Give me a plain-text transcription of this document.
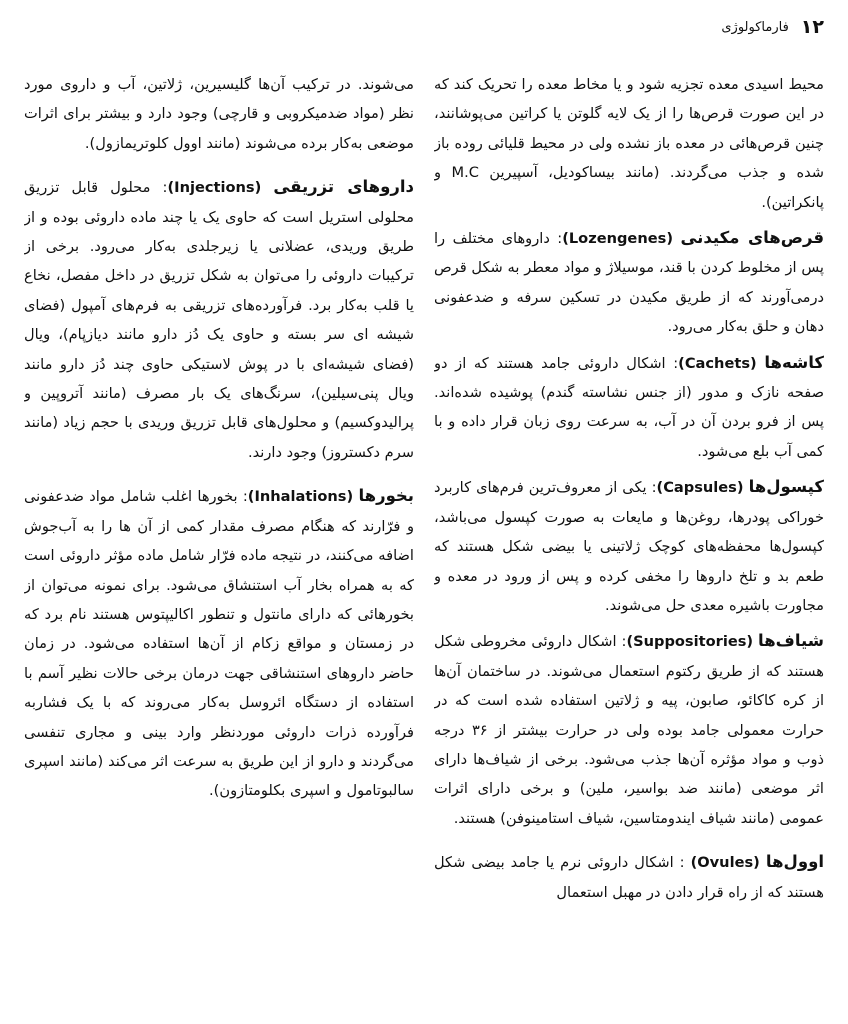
۱۲
فارماکولوژی

محیط اسیدی معده تجزیه شود و یا مخاط معده را تحریک کند که در این صورت قرص‌ها را از یک لایه گلوتن یا کراتین می‌پوشانند، چنین قرص‌هائی در معده باز نشده ولی در محیط قلیائی روده باز شده و جذب می‌گردند. (مانند بیساکودیل، آسپیرین M.C و پانکراتین).

قرص‌های مکیدنی (Lozengenes): داروهای مختلف را پس از مخلوط کردن با قند، موسیلاژ و مواد معطر به شکل قرص درمی‌آورند که از طریق مکیدن در تسکین سرفه و ضدعفونی دهان و حلق به‌کار می‌رود.

کاشه‌ها (Cachets): اشکال داروئی جامد هستند که از دو صفحه نازک و مدور (از جنس نشاسته گندم) پوشیده شده‌اند. پس از فرو بردن آن در آب، به سرعت روی زبان قرار داده و با کمی آب بلع می‌شود.

کپسول‌ها (Capsules): یکی از معروف‌ترین فرم‌های کاربرد خوراکی پودرها، روغن‌ها و مایعات به صورت کپسول می‌باشد، کپسول‌ها محفظه‌های کوچک ژلاتینی یا بیضی شکل هستند که طعم بد و تلخ داروها را مخفی کرده و پس از ورود در معده و مجاورت باشیره معدی حل می‌شوند.

شیاف‌ها (Suppositories): اشکال داروئی مخروطی شکل هستند که از طریق رکتوم استعمال می‌شوند. در ساختمان آن‌ها از کره کاکائو، صابون، پیه و ژلاتین استفاده شده است که در حرارت معمولی جامد بوده ولی در حرارت بیشتر از ۳۶ درجه ذوب و مواد مؤثره آن‌ها جذب می‌شود. برخی از شیاف‌ها دارای اثر موضعی (مانند ضد بواسیر، ملین) و برخی دارای اثرات عمومی (مانند شیاف ایندومتاسین، شیاف استامینوفن) هستند.

اوول‌ها (Ovules) : اشکال داروئی نرم یا جامد بیضی شکل هستند که از راه قرار دادن در مهبل استعمال

می‌شوند. در ترکیب آن‌ها گلیسیرین، ژلاتین، آب و داروی مورد نظر (مواد ضدمیکروبی و قارچی) وجود دارد و بیشتر برای اثرات موضعی به‌کار برده می‌شوند (مانند اوول کلوتریمازول).

داروهای تزریقی (Injections): محلول قابل تزریق محلولی استریل است که حاوی یک یا چند ماده داروئی بوده و از طریق وریدی، عضلانی یا زیرجلدی به‌کار می‌رود. برخی از ترکیبات داروئی را می‌توان به شکل تزریق در داخل مفصل، نخاع یا قلب به‌کار برد. فرآورده‌های تزریقی به فرم‌های آمپول (فضای شیشه ای سر بسته و حاوی یک دُز دارو مانند دیازپام)، ویال (فضای شیشه‌ای با در پوش لاستیکی حاوی چند دُز دارو مانند ویال پنی‌سیلین)، سرنگ‌های یک بار مصرف (مانند آتروپین و پرالیدوکسیم) و محلول‌های قابل تزریق وریدی با حجم زیاد (مانند سرم دکستروز) وجود دارند.

بخورها (Inhalations): بخورها اغلب شامل مواد ضدعفونی و فرّارند که هنگام مصرف مقدار کمی از آن ها را به آب‌جوش اضافه می‌کنند، در نتیجه ماده فرّار شامل ماده مؤثر داروئی است که به همراه بخار آب استنشاق می‌شود. برای نمونه می‌توان از بخورهائی که دارای مانتول و تنطور اکالیپتوس هستند نام برد که در زمستان و مواقع زکام از آن‌ها استفاده می‌شود. در زمان حاضر داروهای استنشاقی جهت درمان برخی حالات نظیر آسم با استفاده از دستگاه ائروسل به‌کار می‌روند که با یک فشاربه فرآورده ذرات داروئی موردنظر وارد بینی و مجاری تنفسی می‌گردند و دارو از این طریق به سرعت اثر می‌کند (مانند اسپری سالبوتامول و اسپری بکلومتازون).
